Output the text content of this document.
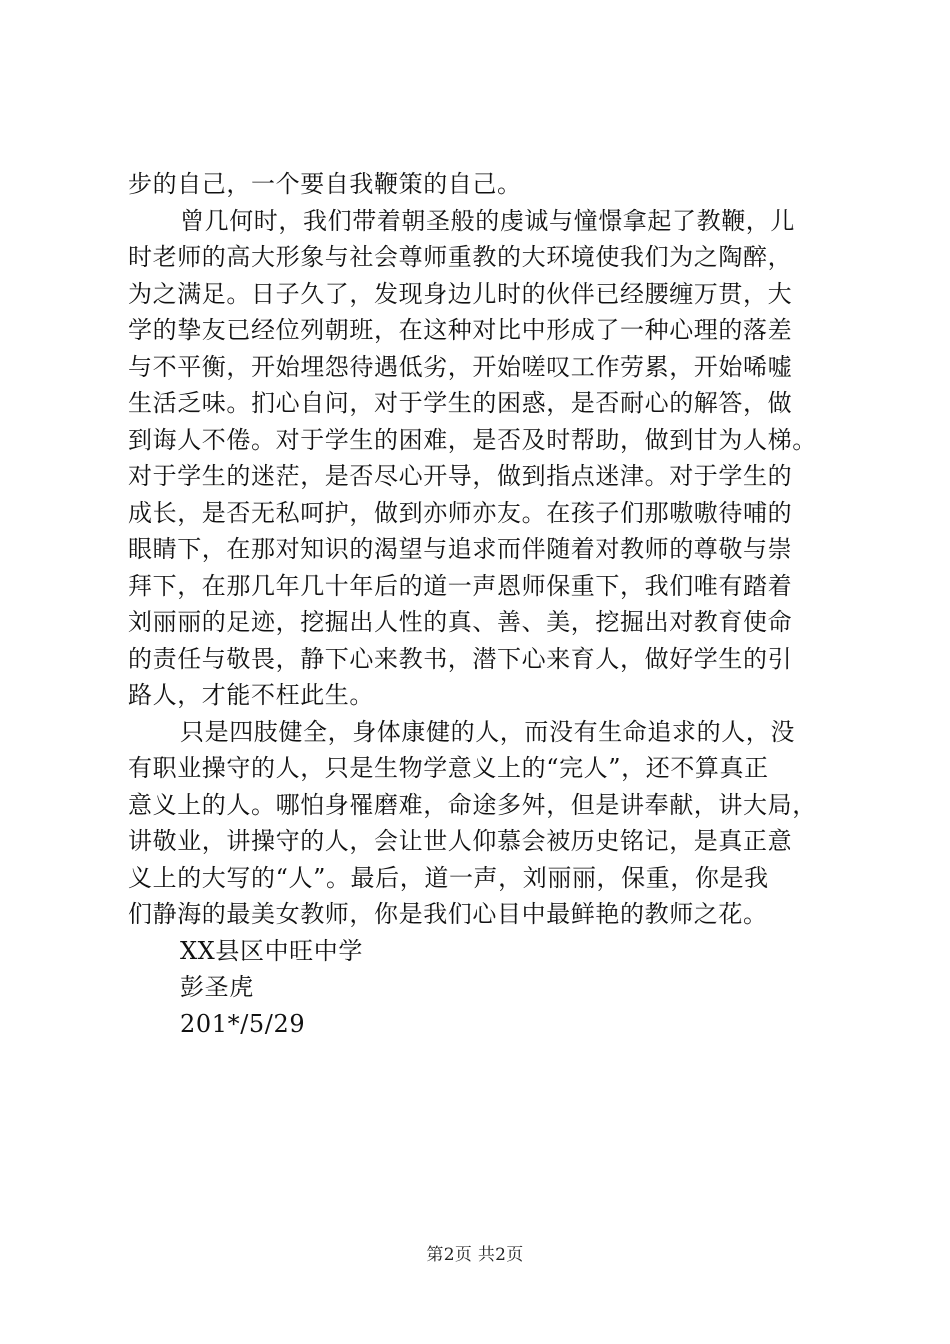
步的自己，一个要自我鞭策的自己。
曾几何时，我们带着朝圣般的虔诚与憧憬拿起了教鞭，儿
时老师的高大形象与社会尊师重教的大环境使我们为之陶醉，
为之满足。日子久了，发现身边儿时的伙伴已经腰缠万贯，大
学的挚友已经位列朝班，在这种对比中形成了一种心理的落差
与不平衡，开始埋怨待遇低劣，开始嗟叹工作劳累，开始唏嘘
生活乏味。扪心自问，对于学生的困惑，是否耐心的解答，做
到诲人不倦。对于学生的困难，是否及时帮助，做到甘为人梯。
对于学生的迷茫，是否尽心开导，做到指点迷津。对于学生的
成长，是否无私呵护，做到亦师亦友。在孩子们那嗷嗷待哺的
眼睛下，在那对知识的渴望与追求而伴随着对教师的尊敬与崇
拜下，在那几年几十年后的道一声恩师保重下，我们唯有踏着
刘丽丽的足迹，挖掘出人性的真、善、美，挖掘出对教育使命
的责任与敬畏，静下心来教书，潜下心来育人，做好学生的引
路人，才能不枉此生。
只是四肢健全，身体康健的人，而没有生命追求的人，没
有职业操守的人，只是生物学意义上的“完人”，还不算真正
意义上的人。哪怕身罹磨难，命途多舛，但是讲奉献，讲大局，
讲敬业，讲操守的人，会让世人仰慕会被历史铭记，是真正意
义上的大写的“人”。最后，道一声，刘丽丽，保重，你是我
们静海的最美女教师，你是我们心目中最鲜艳的教师之花。
XX县区中旺中学
彭圣虎
201*/5/29
第2页 共2页
